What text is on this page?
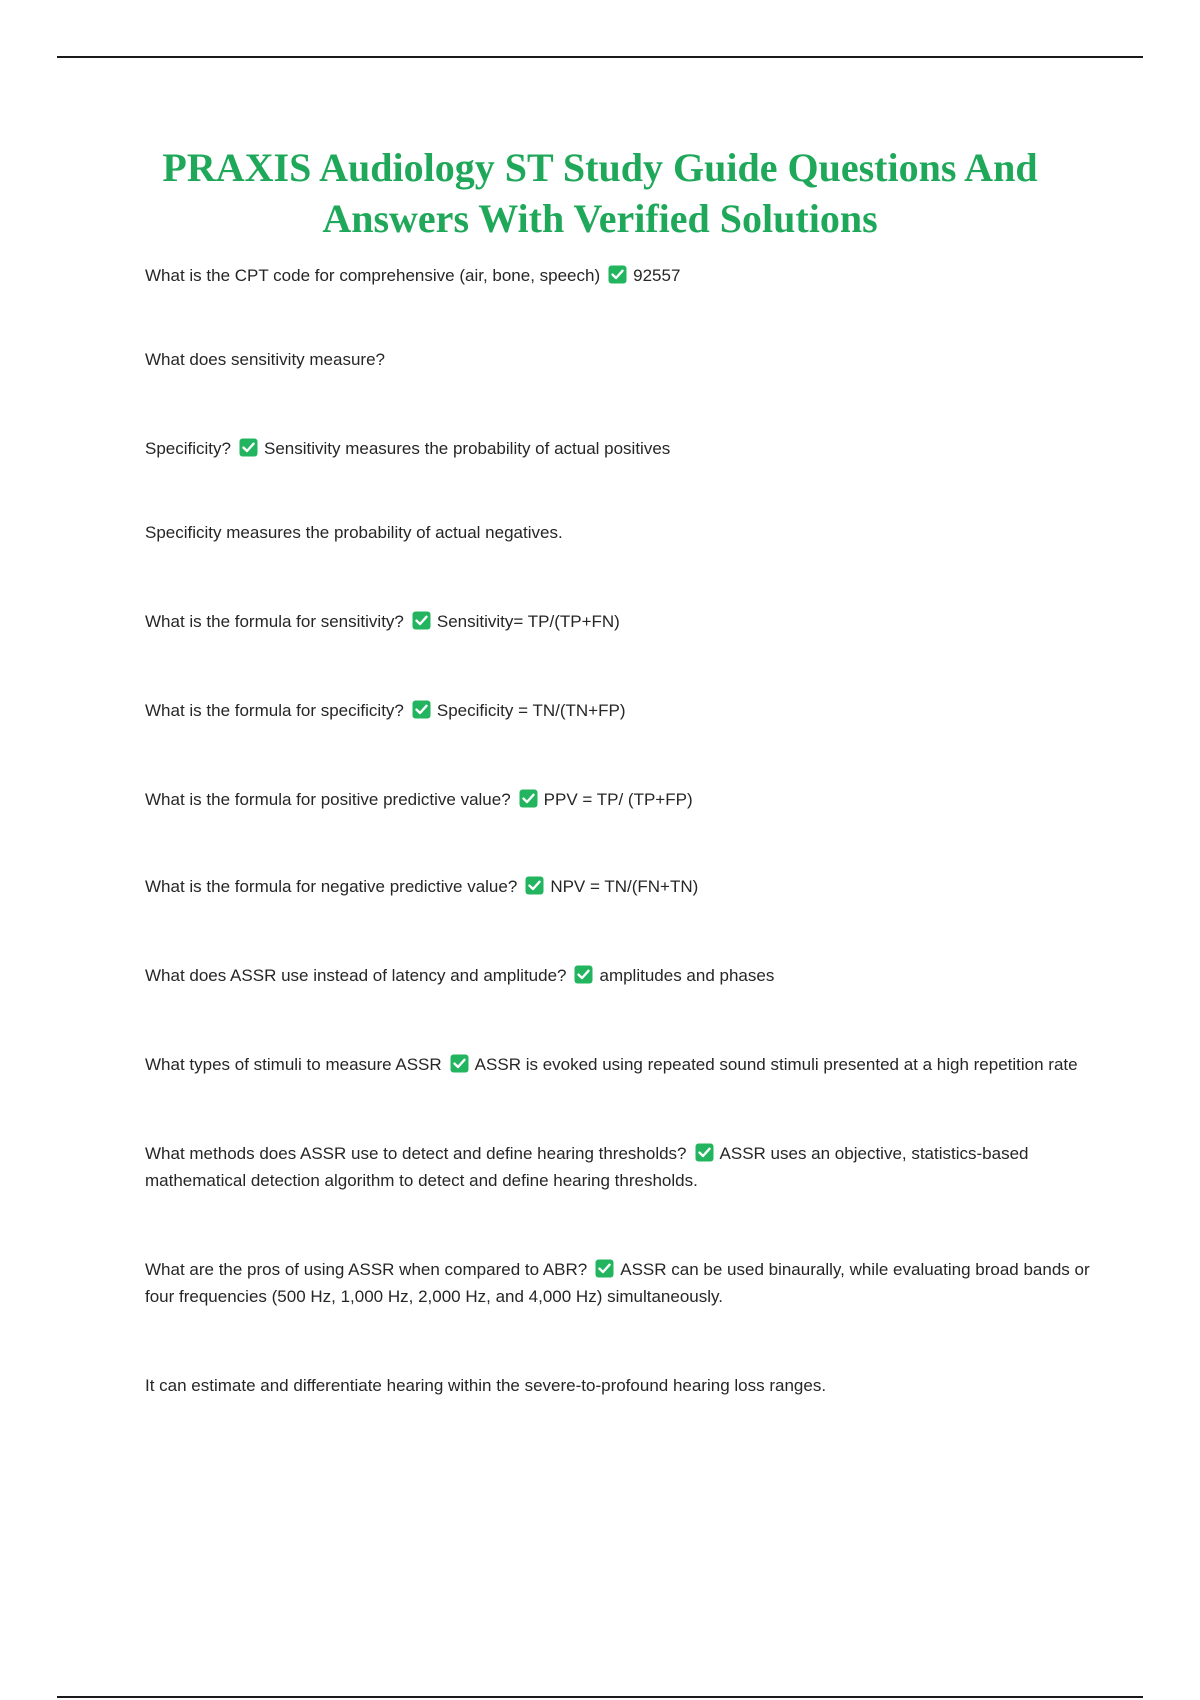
PRAXIS Audiology ST Study Guide Questions And Answers With Verified Solutions

What is the CPT code for comprehensive (air, bone, speech) 92557

What does sensitivity measure?

Specificity? Sensitivity measures the probability of actual positives

Specificity measures the probability of actual negatives.

What is the formula for sensitivity? Sensitivity= TP/(TP+FN)

What is the formula for specificity? Specificity = TN/(TN+FP)

What is the formula for positive predictive value? PPV = TP/ (TP+FP)

What is the formula for negative predictive value? NPV = TN/(FN+TN)

What does ASSR use instead of latency and amplitude? amplitudes and phases

What types of stimuli to measure ASSR ASSR is evoked using repeated sound stimuli presented at a high repetition rate

What methods does ASSR use to detect and define hearing thresholds? ASSR uses an objective, statistics-based mathematical detection algorithm to detect and define hearing thresholds.

What are the pros of using ASSR when compared to ABR? ASSR can be used binaurally, while evaluating broad bands or four frequencies (500 Hz, 1,000 Hz, 2,000 Hz, and 4,000 Hz) simultaneously.

It can estimate and differentiate hearing within the severe-to-profound hearing loss ranges.
